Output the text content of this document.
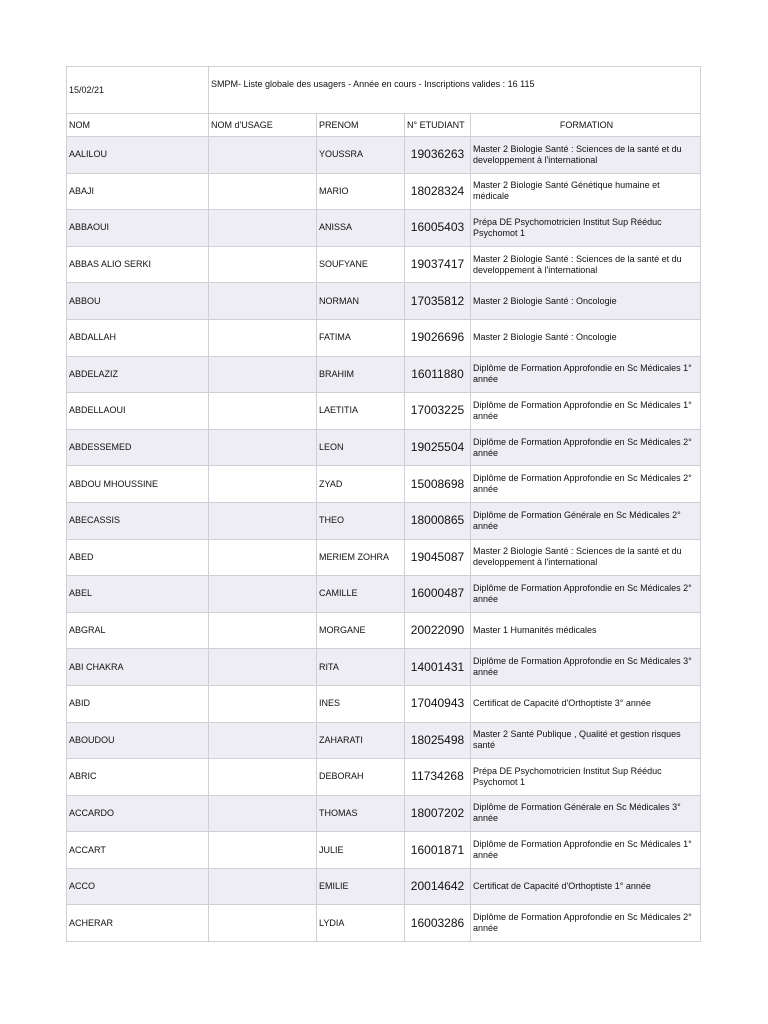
15/02/21	SMPM- Liste globale des usagers - Année en cours - Inscriptions valides : 16 115			
NOM	NOM d'USAGE	PRENOM	N° ETUDIANT	FORMATION
AALILOU		YOUSSRA	19036263	Master 2 Biologie Santé : Sciences de la santé et du developpement à l'international
ABAJI		MARIO	18028324	Master 2 Biologie Santé Génétique humaine et médicale
ABBAOUI		ANISSA	16005403	Prépa DE Psychomotricien Institut Sup Rééduc Psychomot 1
ABBAS ALIO SERKI		SOUFYANE	19037417	Master 2 Biologie Santé : Sciences de la santé et du developpement à l'international
ABBOU		NORMAN	17035812	Master 2 Biologie Santé : Oncologie
ABDALLAH		FATIMA	19026696	Master 2 Biologie Santé : Oncologie
ABDELAZIZ		BRAHIM	16011880	Diplôme de Formation Approfondie en Sc Médicales 1° année
ABDELLAOUI		LAETITIA	17003225	Diplôme de Formation Approfondie en Sc Médicales 1° année
ABDESSEMED		LEON	19025504	Diplôme de Formation Approfondie en Sc Médicales 2° année
ABDOU MHOUSSINE		ZYAD	15008698	Diplôme de Formation Approfondie en Sc Médicales 2° année
ABECASSIS		THEO	18000865	Diplôme de Formation Générale en Sc Médicales 2° année
ABED		MERIEM ZOHRA	19045087	Master 2 Biologie Santé : Sciences de la santé et du developpement à l'international
ABEL		CAMILLE	16000487	Diplôme de Formation Approfondie en Sc Médicales 2° année
ABGRAL		MORGANE	20022090	Master 1 Humanités médicales
ABI CHAKRA		RITA	14001431	Diplôme de Formation Approfondie en Sc Médicales 3° année
ABID		INES	17040943	Certificat de Capacité d'Orthoptiste 3° année
ABOUDOU		ZAHARATI	18025498	Master 2 Santé Publique , Qualité et gestion risques santé
ABRIC		DEBORAH	11734268	Prépa DE Psychomotricien Institut Sup Rééduc Psychomot 1
ACCARDO		THOMAS	18007202	Diplôme de Formation Générale en Sc Médicales 3° année
ACCART		JULIE	16001871	Diplôme de Formation Approfondie en Sc Médicales 1° année
ACCO		EMILIE	20014642	Certificat de Capacité d'Orthoptiste 1° année
ACHERAR		LYDIA	16003286	Diplôme de Formation Approfondie en Sc Médicales 2° année
